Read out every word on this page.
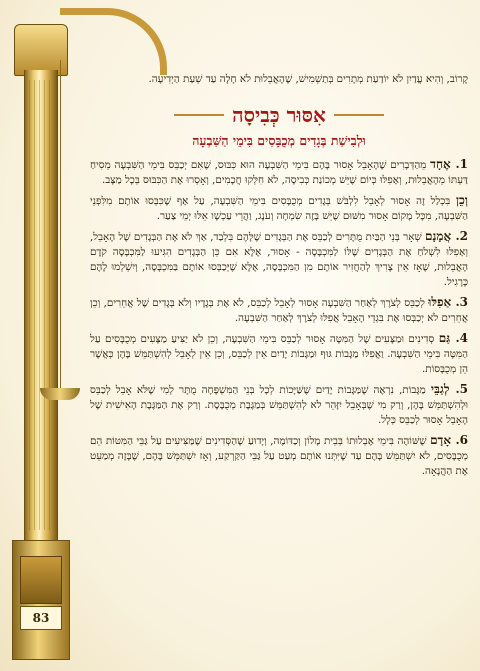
83

קָרוֹב, וְהִיא עֲדַיִן לֹא יוֹדַעַת מְתָרִים בְּתַשְׁמִישׁ, שֶׁהָאֲבֵלוּת לֹא חָלָה עַד שְׁעַת הַיְדִיעָה.

אִסּוּר כְּבִיסָה
וּלְבִישַׁת בְּגָדִים מְכֻבָּסִים בִּימֵי הַשִּׁבְעָה

1. אֶחָד מֵהַדְּבָרִים שֶׁהָאָבֵל אָסוּר בָּהֶם בִּימֵי הַשִּׁבְעָה הוּא כִּבּוּס, שֶׁאִם יְכַבֵּס בִּימֵי הַשִּׁבְעָה מֵסִיחַ דַּעְתּוֹ מֵהָאֲבֵלוּת, וְאַפִלּוּ כְּיוֹם שֶׁיֵּשׁ מְכוֹנַת כְּבִיסָה, לֹא חִלְּקוּ חֲכָמִים, וְאָסְרוּ אֶת הַכִּבּוּס בְּכָל מַצָּב.

וְכֵן בִּכְלַל זֶה אָסוּר לְאָבֵל לִלְבֹּשׁ בְּגָדִים מְכֻבָּסִים בִּימֵי הַשִּׁבְעָה, עַל אַף שֶׁכִּבְּסוּ אוֹתָם מִלִּפְנֵי הַשִּׁבְעָה, מִכָּל מָקוֹם אָסוּר מִשּׁוּם שֶׁיֵּשׁ בָּזֶה שִׂמְחָה וְעֹנֶג, וַהֲרֵי עַכְשָׁו אֵלּוּ יְמֵי צַעַר.

2. אֲמָנָם שְׁאָר בְּנֵי הַבַּיִת מֻתָּרִים לְכַבֵּס אֶת הַבְּגָדִים שֶׁלָּהֶם בִּלְבַד, אַךְ לֹא אֶת הַבְּגָדִים שֶׁל הָאָבֵל, וְאַפִלּוּ לִשְׁלֹחַ אֶת הַבְּגָדִים שֶׁלּוֹ לַמִּכְבָּסָה - אָסוּר, אֶלָּא אִם כֵּן הַבְּגָדִים הִגִּיעוּ לַמִּכְבָּסָה קֹדֶם הָאֲבֵלוּת, שֶׁאָז אֵין צָרִיךְ לְהַחֲזִיר אוֹתָם מִן הַמִּכְבָּסָה, אֶלָּא שֶׁיְּכַבְּסוּ אוֹתָם בַּמִּכְבָּסָה, וְיִשְׁלְמוּ לָהֶם כָּרָגִיל.

3. אַפִלּוּ לְכַבֵּס לְצֹרֶךְ לְאַחַר הַשִּׁבְעָה אָסוּר לְאָבֵל לְכַבֵּס, לֹא אֶת בְּגָדָיו וְלֹא בְּגָדִים שֶׁל אֲחֵרִים, וְכֵן אֲחֵרִים לֹא יְכַבְּסוּ אֶת בִּגְדֵי הָאָבֵל אֲפִלּוּ לְצֹרֶךְ לְאַחַר הַשִּׁבְעָה.

4. גַּם סְדִינִים וּמַצָּעִים שֶׁל הַמִּטָּה אָסוּר לְכַבֵּס בִּימֵי הַשִּׁבְעָה, וְכֵן לֹא יַצִּיעַ מַצָּעִים מְכֻבָּסִים עַל הַמִּטָּה בִּימֵי הַשִּׁבְעָה. וַאֲפִלּוּ מַגָּבוֹת גּוּף וּמַגָּבוֹת יָדַיִם אֵין לְכַבֵּס, וְכֵן אֵין לְאָבֵל לְהִשְׁתַּמֵּשׁ בָּהֶן כְּאֲשֶׁר הֵן מְכֻבָּסוֹת.

5. לְגַבֵּי מַגָּבוֹת, נִרְאֶה שֶׁמַּגָּבוֹת יָדַיִם שֶׁשַּׁיָּכוֹת לְכָל בְּנֵי הַמִּשְׁפָּחָה מֻתָּר לְמִי שֶׁלֹּא אָבֵל לְכַבֵּס וּלְהִשְׁתַּמֵּשׁ בָּהֶן, וְרַק מִי שֶׁבְּאָבֵל יִזָּהֵר לֹא לְהִשְׁתַּמֵּשׁ בְּמַגֶּבֶת מְכֻבֶּסֶת. וְרַק אֶת הַמַּגֶּבֶת הָאִישִׁית שֶׁל הָאָבֵל אָסוּר לְכַבֵּס כְּלָל.

6. אָדָם שֶׁשּׁוֹהֶה בִּימֵי אֶבְלוּתוֹ בְּבֵית מָלוֹן וְכַדּוֹמֶה, וְיָדוּעַ שֶׁהַסְּדִינִים שֶׁמַּצִּיעִים עַל גַּבֵּי הַמִּטּוֹת הֵם מְכֻבָּסִים, לֹא יִשְׁתַּמֵּשׁ בָּהֶם עַד שֶׁיִּתְּנוּ אוֹתָם מְעַט עַל גַּבֵּי הַקַּרְקַע, וְאָז יִשְׁתַּמֵּשׁ בָּהֶם, שֶׁבָּזֶה מְמַעֵט אֶת הַהֲנָאָה.
